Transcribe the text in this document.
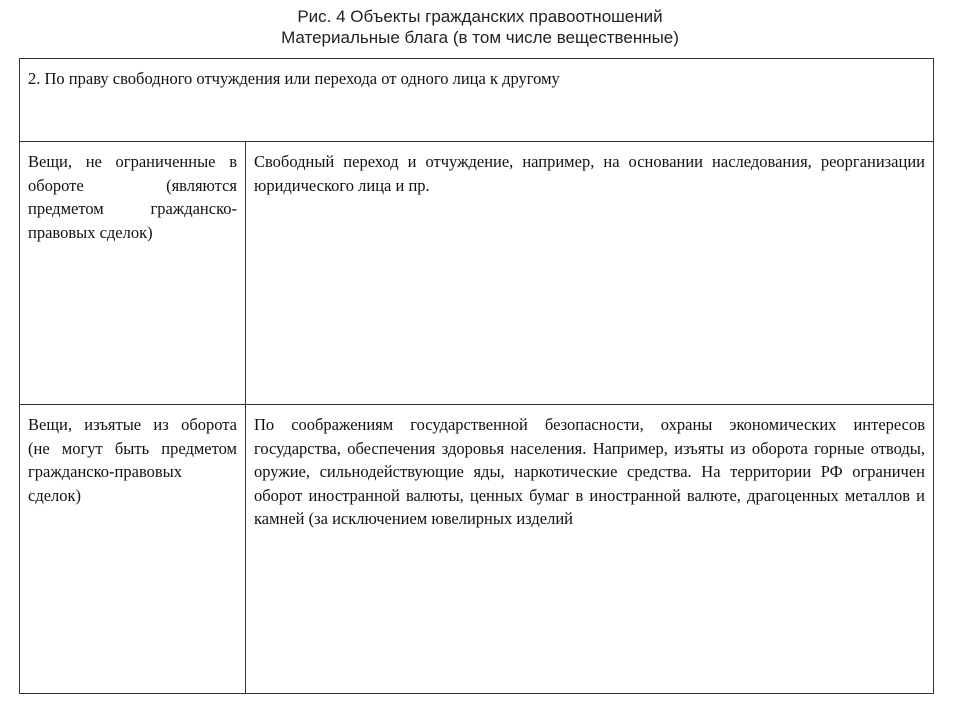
Рис. 4 Объекты гражданских правоотношений
Материальные блага (в том числе вещественные)
2. По праву свободного отчуждения или перехода от одного лица к другому	

Вещи, не ограниченные в обороте (являются предметом гражданско-правовых сделок)	Свободный переход и отчуждение, например, на основании наследования, реорганизации юридического лица и пр.

Вещи, изъятые из оборота (не могут быть предметом гражданско-правовых сделок)	По соображениям государственной безопасности, охраны экономических интересов государства, обеспечения здоровья населения. Например, изъяты из оборота горные отводы, оружие, сильнодействующие яды, наркотические средства. На территории РФ ограничен оборот иностранной валюты, ценных бумаг в иностранной валюте, драгоценных металлов и камней (за исключением ювелирных изделий
